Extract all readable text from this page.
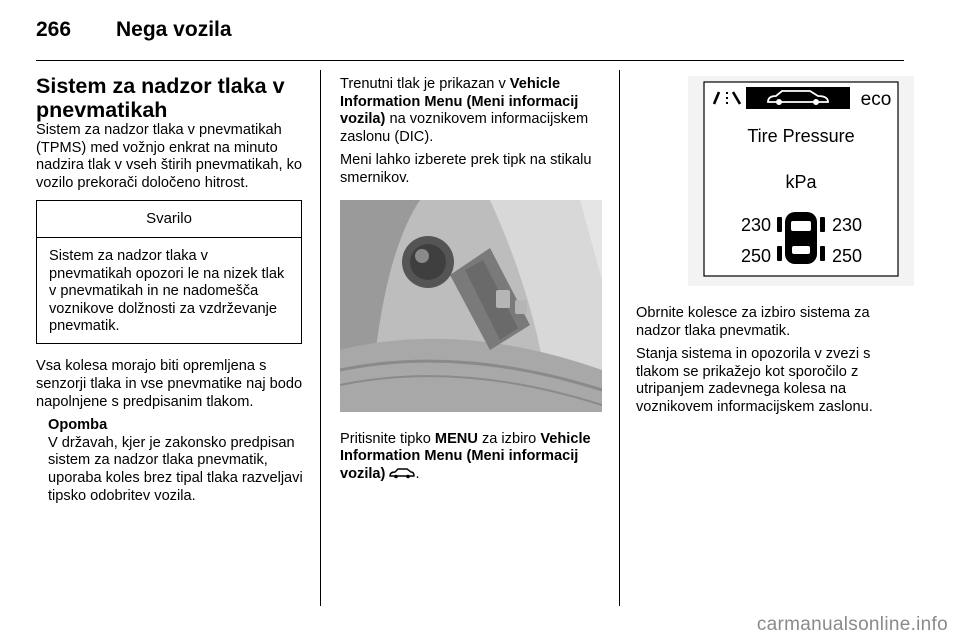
266 Nega vozila
Sistem za nadzor tlaka v pnevmatikah

Sistem za nadzor tlaka v pnevmatikah (TPMS) med vožnjo enkrat na minuto nadzira tlak v vseh štirih pnevmatikah, ko vozilo prekorači določeno hitrost.

Svarilo
Sistem za nadzor tlaka v pnevmatikah opozori le na nizek tlak v pnevmatikah in ne nadomešča voznikove dolžnosti za vzdrževanje pnevmatik.

Vsa kolesa morajo biti opremljena s senzorji tlaka in vse pnevmatike naj bodo napolnjene s predpisanim tlakom.

Opomba
V državah, kjer je zakonsko predpisan sistem za nadzor tlaka pnevmatik, uporaba koles brez tipal tlaka razveljavi tipsko odobritev vozila.

Trenutni tlak je prikazan v Vehicle Information Menu (Meni informacij vozila) na voznikovem informacijskem zaslonu (DIC).

Meni lahko izberete prek tipk na stikalu smernikov.

Pritisnite tipko MENU za izbiro Vehicle Information Menu (Meni informacij vozila) .

eco
Tire Pressure
kPa
230	230
250	250

Obrnite kolesce za izbiro sistema za nadzor tlaka pnevmatik.

Stanja sistema in opozorila v zvezi s tlakom se prikažejo kot sporočilo z utripanjem zadevnega kolesa na voznikovem informacijskem zaslonu.

carmanualsonline.info
